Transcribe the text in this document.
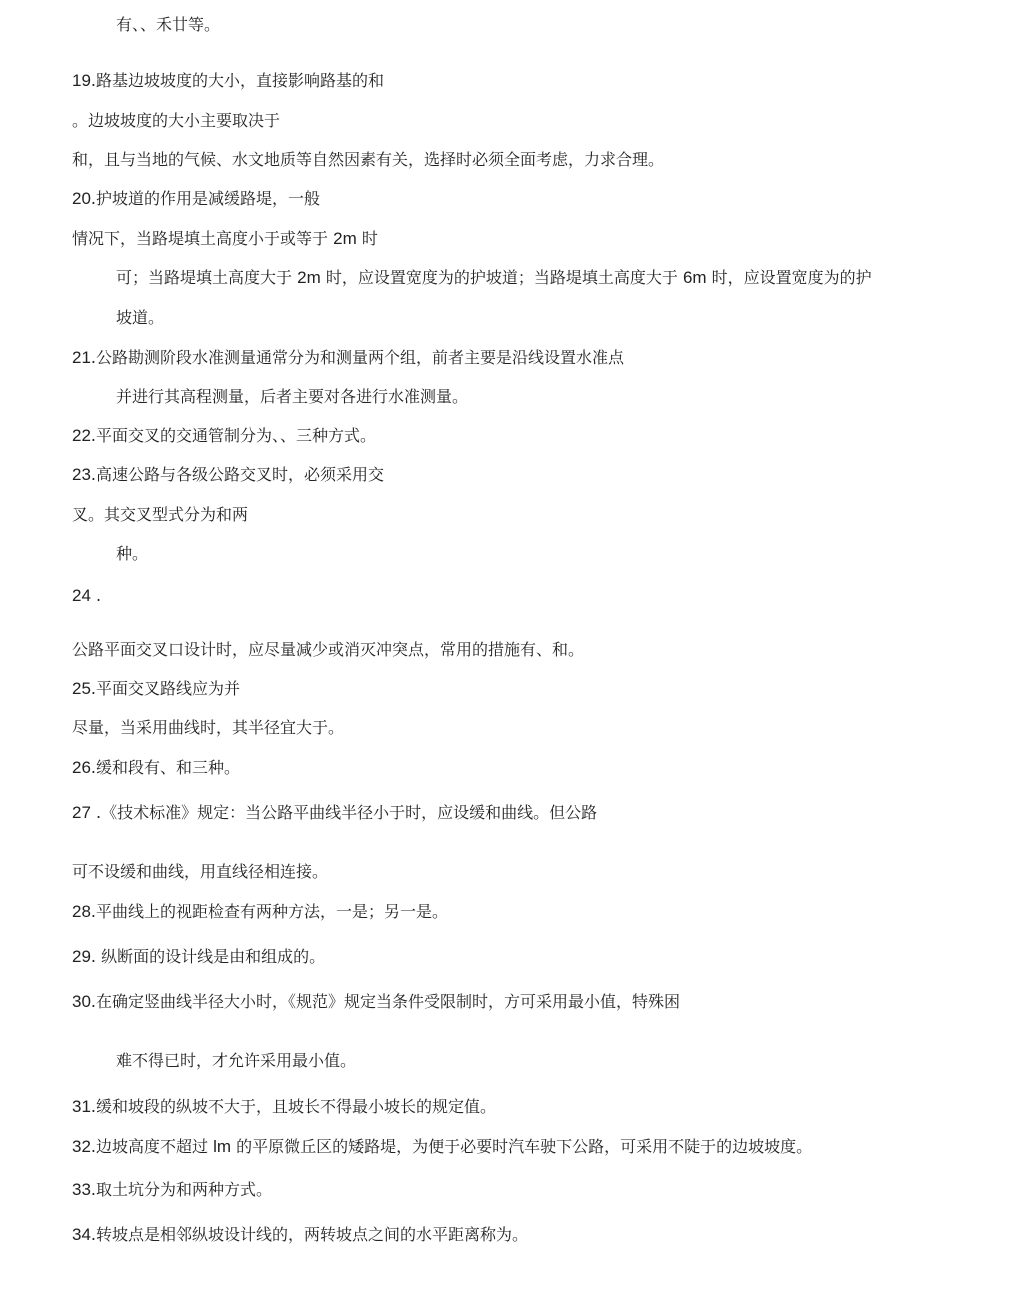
有、、禾廿等。
19.路基边坡坡度的大小，直接影响路基的和
。边坡坡度的大小主要取决于
和，且与当地的气候、水文地质等自然因素有关，选择时必须全面考虑，力求合理。
20.护坡道的作用是减缓路堤，一般
情况下，当路堤填土高度小于或等于 2m 时
可；当路堤填土高度大于 2m 时，应设置宽度为的护坡道；当路堤填土高度大于 6m 时，应设置宽度为的护
坡道。
21.公路勘测阶段水准测量通常分为和测量两个组，前者主要是沿线设置水准点
并进行其高程测量，后者主要对各进行水准测量。
22.平面交叉的交通管制分为、、三种方式。
23.高速公路与各级公路交叉时，必须采用交
叉。其交叉型式分为和两
种。
24 .
公路平面交叉口设计时，应尽量减少或消灭冲突点，常用的措施有、和。
25.平面交叉路线应为并
尽量，当采用曲线时，其半径宜大于。
26.缓和段有、和三种。
27 .《技术标准》规定：当公路平曲线半径小于时，应设缓和曲线。但公路
可不设缓和曲线，用直线径相连接。
28.平曲线上的视距检查有两种方法，一是；另一是。
29. 纵断面的设计线是由和组成的。
30.在确定竖曲线半径大小时，《规范》规定当条件受限制时，方可采用最小值，特殊困
难不得已时，才允许采用最小值。
31.缓和坡段的纵坡不大于，且坡长不得最小坡长的规定值。
32.边坡高度不超过 lm 的平原微丘区的矮路堤，为便于必要时汽车驶下公路，可采用不陡于的边坡坡度。
33.取土坑分为和两种方式。
34.转坡点是相邻纵坡设计线的，两转坡点之间的水平距离称为。
